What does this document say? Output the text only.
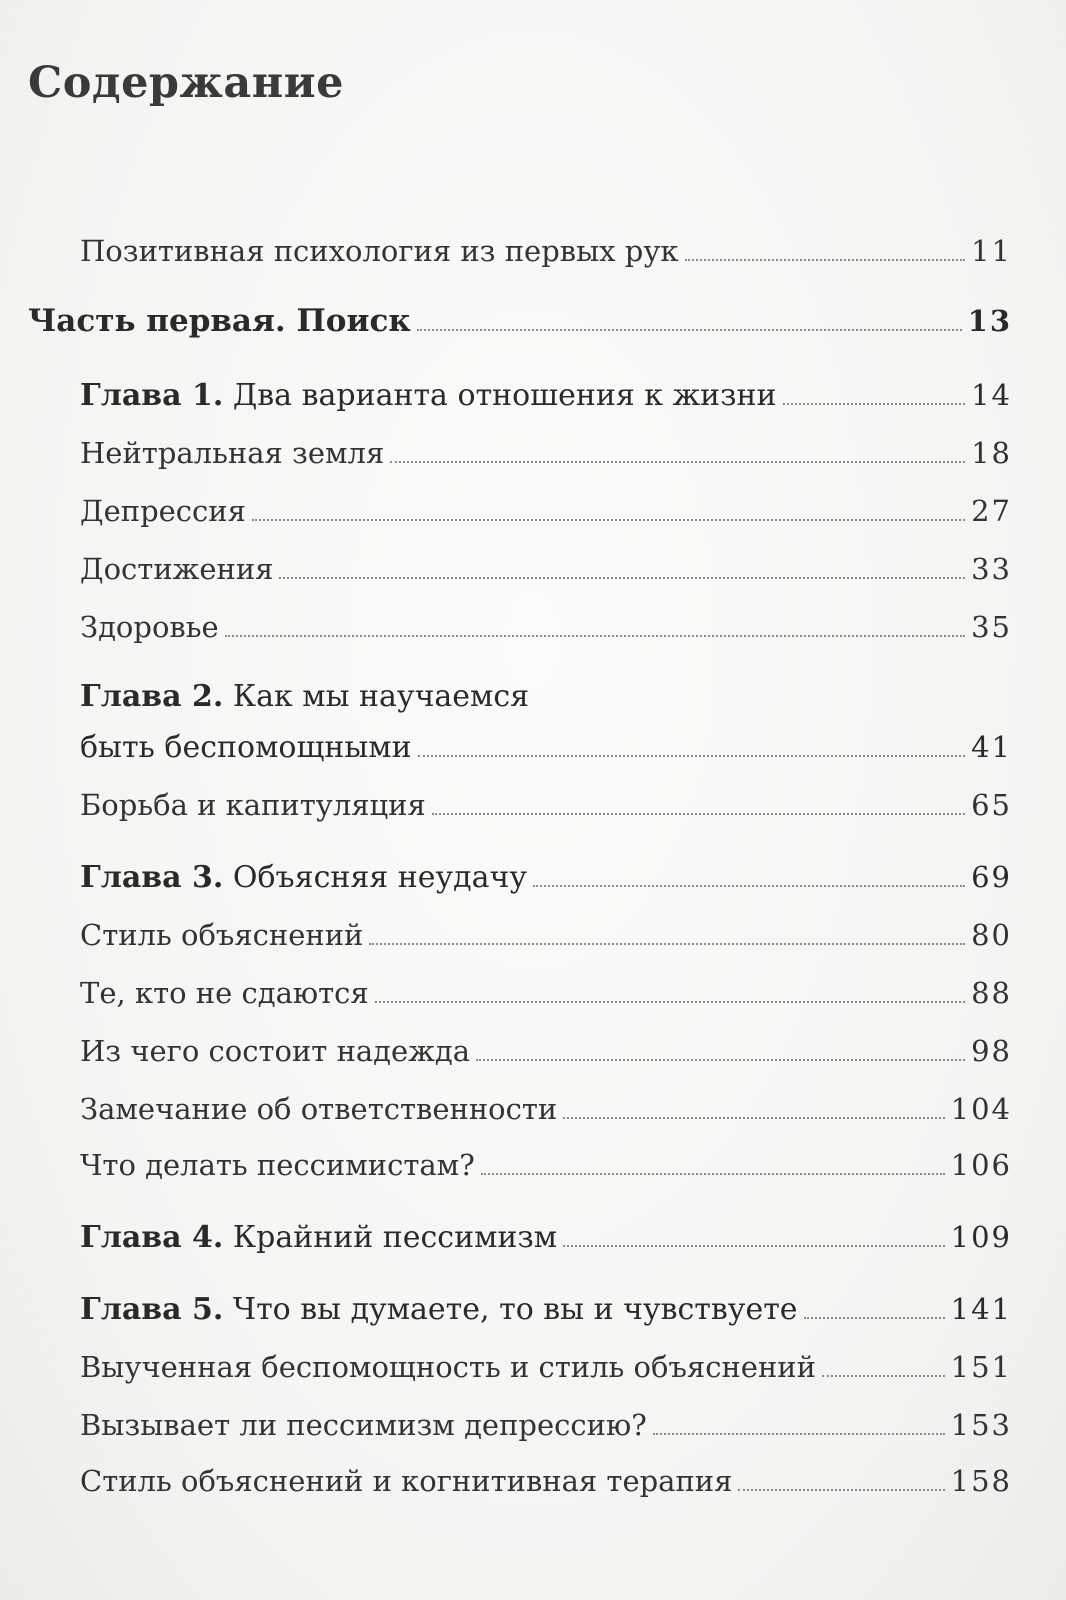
Содержание
Позитивная психология из первых рук	11
Часть первая. Поиск	13
Глава 1. Два варианта отношения к жизни	14
Нейтральная земля	18
Депрессия	27
Достижения	33
Здоровье	35
Глава 2. Как мы научаемся
быть беспомощными	41
Борьба и капитуляция	65
Глава 3. Объясняя неудачу	69
Стиль объяснений	80
Те, кто не сдаются	88
Из чего состоит надежда	98
Замечание об ответственности	104
Что делать пессимистам?	106
Глава 4. Крайний пессимизм	109
Глава 5. Что вы думаете, то вы и чувствуете	141
Выученная беспомощность и стиль объяснений	151
Вызывает ли пессимизм депрессию?	153
Стиль объяснений и когнитивная терапия	158
